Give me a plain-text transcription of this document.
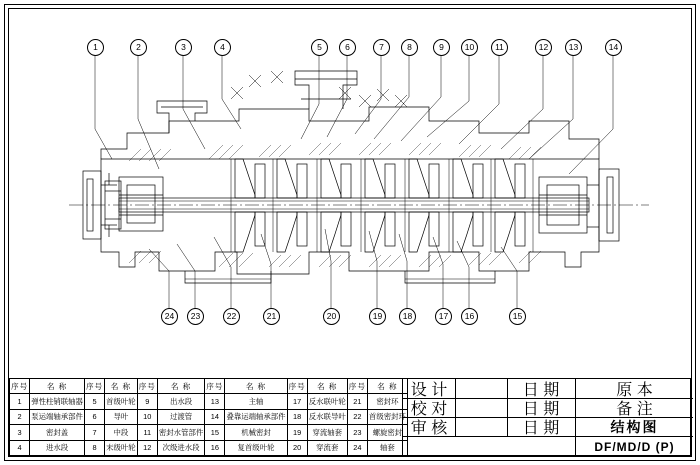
1	2	3	4	5	6	7	8	9	10	11	12	13	14
24	23	22	21	20	19	18	17	16	15
序号	名 称	序号	名 称	序号	名 称	序号	名 称	序号	名 称	序号	名 称
1	弹性柱销联轴器	5	首级叶轮	9	出水段	13	主轴	17	反水联叶轮	21	密封环
2	泵运端轴承部件	6	导叶	10	过渡管	14	叠靠运端轴承部件	18	反水联导叶	22	首级密封环
3	密封盖	7	中段	11	密封水管部件	15	机械密封	19	穿流轴套	23	螺旋密封
4	进水段	8	末级叶轮	12	次级进水段	16	复首级叶轮	20	穿流套	24	轴套
设 计	日 期
校 对	日 期
审 核	日 期
原 本
备 注
结构图
DF/MD/D (P)
